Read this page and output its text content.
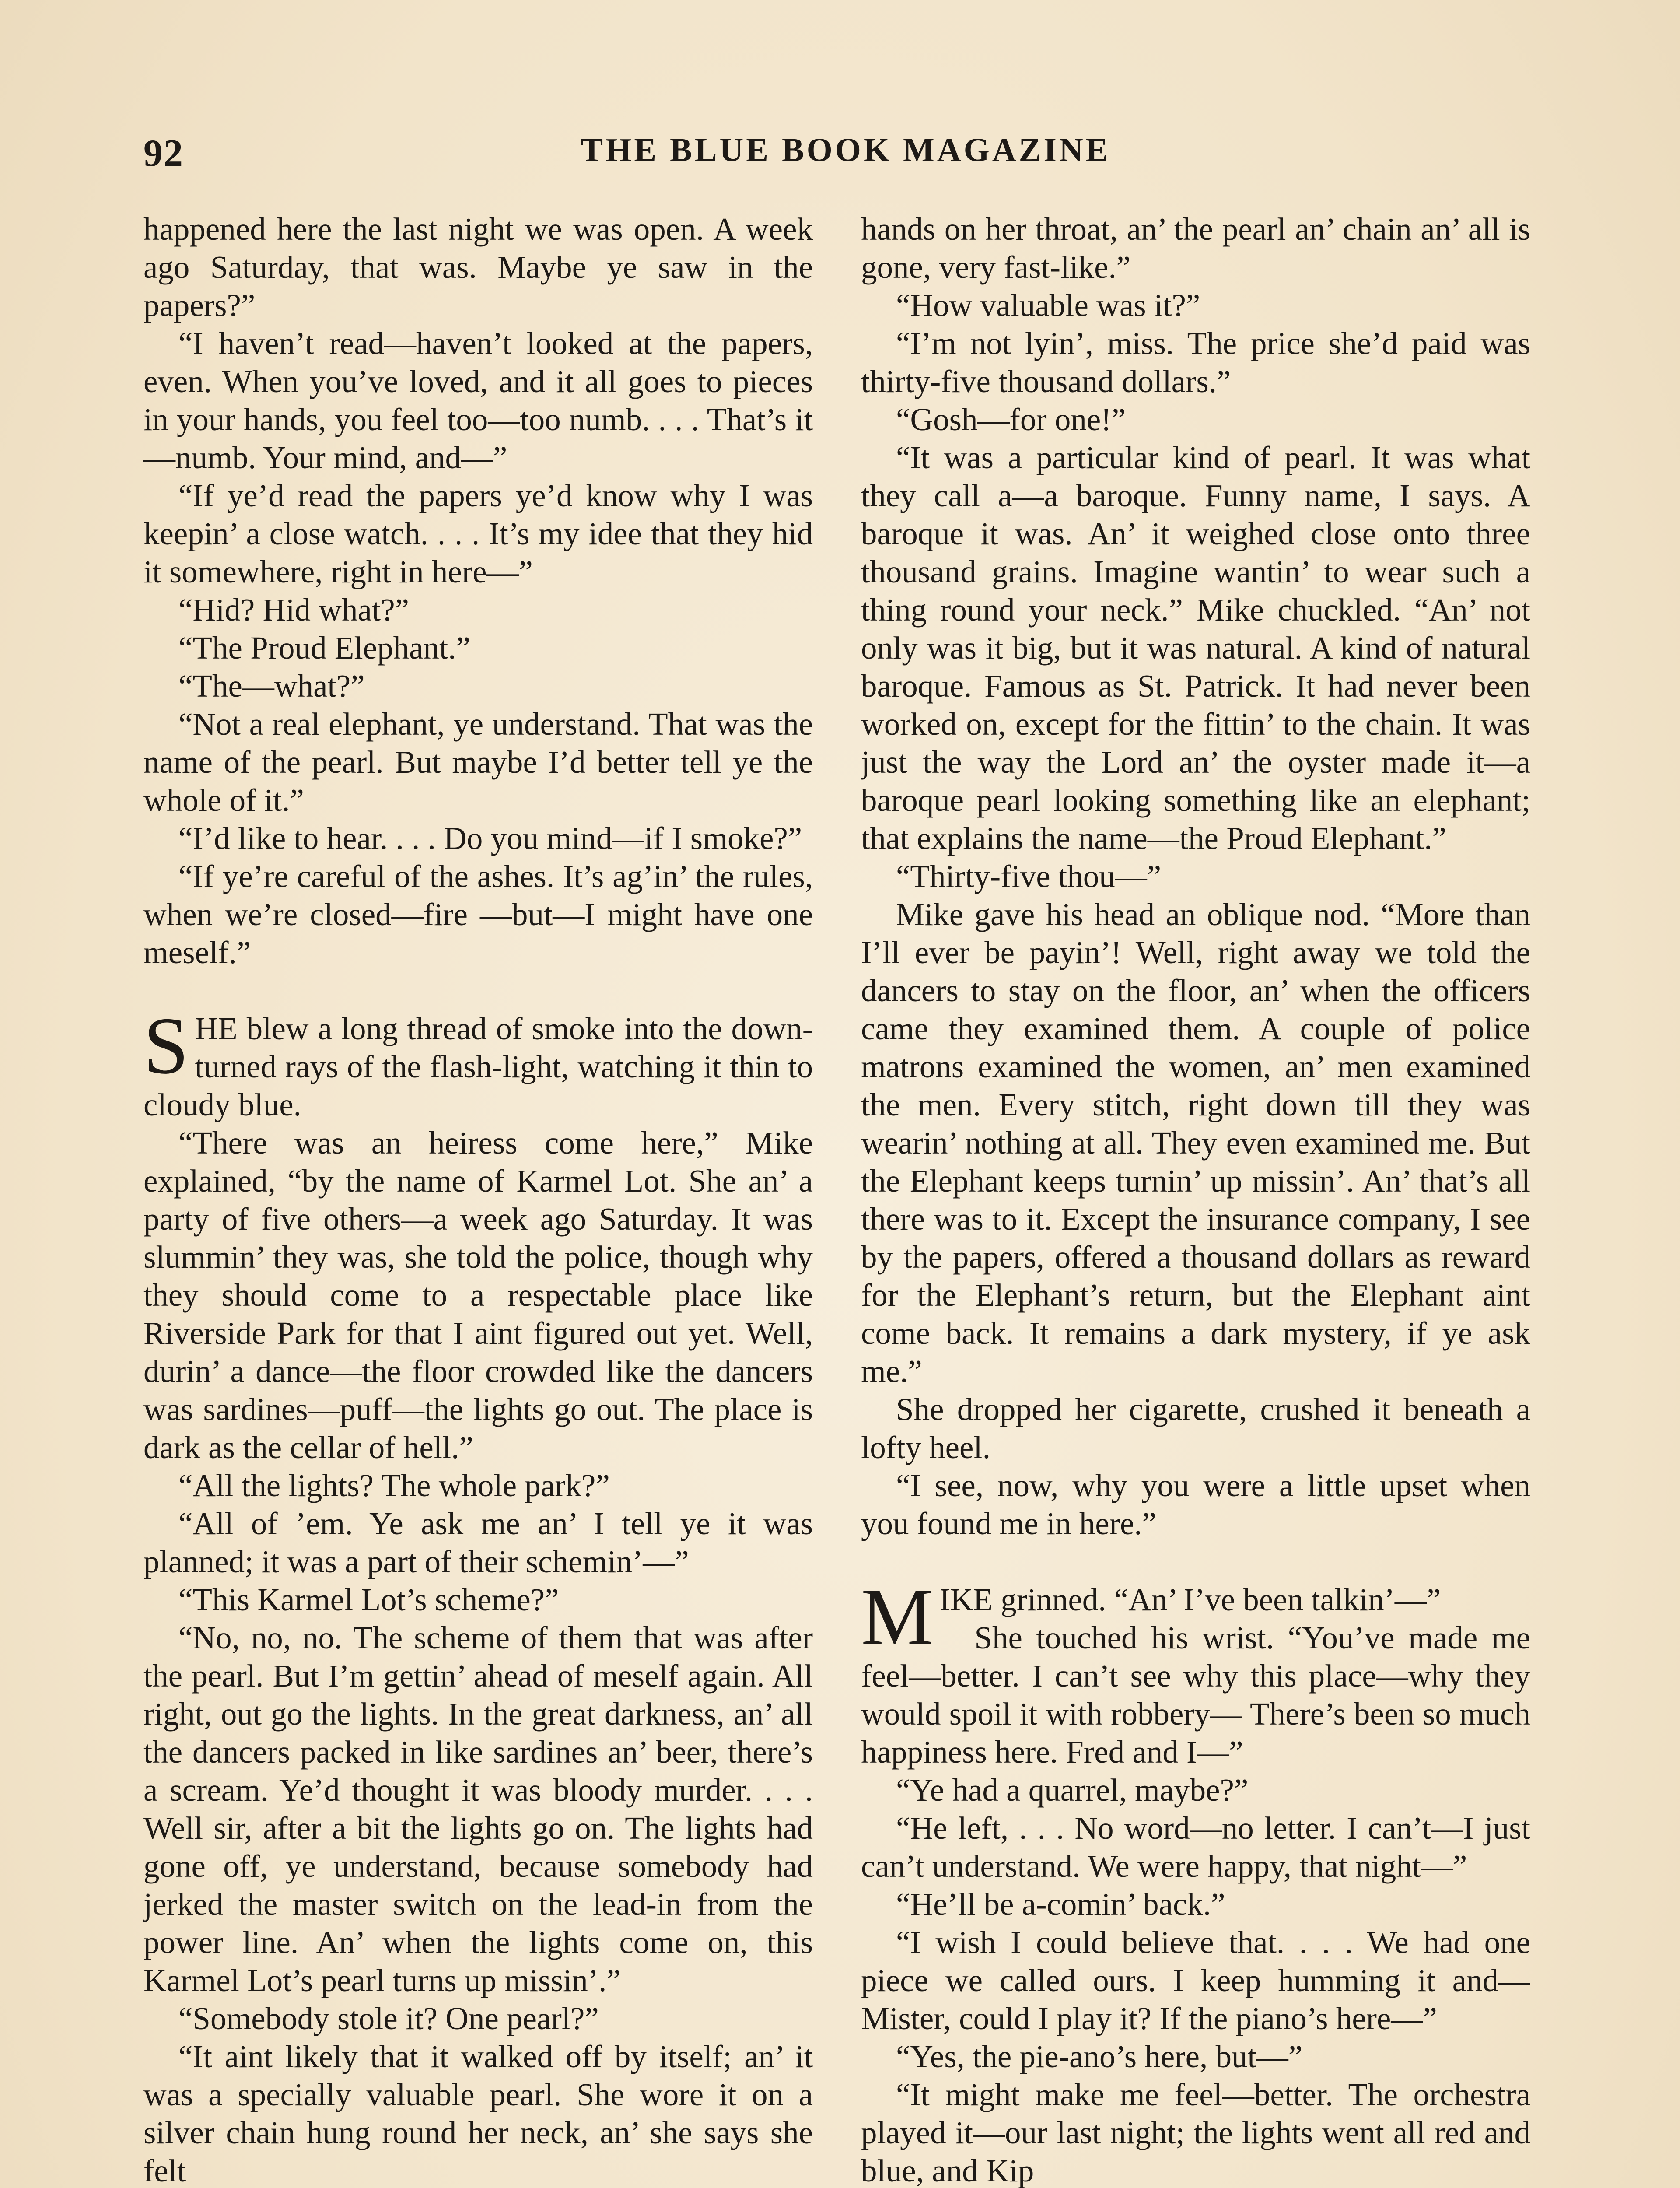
92	THE BLUE BOOK MAGAZINE

happened here the last night we was open. A week ago Saturday, that was. Maybe ye saw in the papers?”

“I haven’t read—haven’t looked at the papers, even. When you’ve loved, and it all goes to pieces in your hands, you feel too—too numb. . . . That’s it—numb. Your mind, and—”

“If ye’d read the papers ye’d know why I was keepin’ a close watch. . . . It’s my idee that they hid it somewhere, right in here—”

“Hid? Hid what?”

“The Proud Elephant.”

“The—what?”

“Not a real elephant, ye understand. That was the name of the pearl. But maybe I’d better tell ye the whole of it.”

“I’d like to hear. . . . Do you mind—if I smoke?”

“If ye’re careful of the ashes. It’s ag’in’ the rules, when we’re closed—fire —but—I might have one meself.”

SHE blew a long thread of smoke into the down-turned rays of the flash-light, watching it thin to cloudy blue.

“There was an heiress come here,” Mike explained, “by the name of Karmel Lot. She an’ a party of five others—a week ago Saturday. It was slummin’ they was, she told the police, though why they should come to a respectable place like Riverside Park for that I aint figured out yet. Well, durin’ a dance—the floor crowded like the dancers was sardines—puff—the lights go out. The place is dark as the cellar of hell.”

“All the lights? The whole park?”

“All of ’em. Ye ask me an’ I tell ye it was planned; it was a part of their schemin’—”

“This Karmel Lot’s scheme?”

“No, no, no. The scheme of them that was after the pearl. But I’m gettin’ ahead of meself again. All right, out go the lights. In the great darkness, an’ all the dancers packed in like sardines an’ beer, there’s a scream. Ye’d thought it was bloody murder. . . . Well sir, after a bit the lights go on. The lights had gone off, ye understand, because somebody had jerked the master switch on the lead-in from the power line. An’ when the lights come on, this Karmel Lot’s pearl turns up missin’.”

“Somebody stole it? One pearl?”

“It aint likely that it walked off by itself; an’ it was a specially valuable pearl. She wore it on a silver chain hung round her neck, an’ she says she felt

hands on her throat, an’ the pearl an’ chain an’ all is gone, very fast-like.”

“How valuable was it?”

“I’m not lyin’, miss. The price she’d paid was thirty-five thousand dollars.”

“Gosh—for one!”

“It was a particular kind of pearl. It was what they call a—a baroque. Funny name, I says. A baroque it was. An’ it weighed close onto three thousand grains. Imagine wantin’ to wear such a thing round your neck.” Mike chuckled. “An’ not only was it big, but it was natural. A kind of natural baroque. Famous as St. Patrick. It had never been worked on, except for the fittin’ to the chain. It was just the way the Lord an’ the oyster made it—a baroque pearl looking something like an elephant; that explains the name—the Proud Elephant.”

“Thirty-five thou—”

Mike gave his head an oblique nod. “More than I’ll ever be payin’! Well, right away we told the dancers to stay on the floor, an’ when the officers came they examined them. A couple of police matrons examined the women, an’ men examined the men. Every stitch, right down till they was wearin’ nothing at all. They even examined me. But the Elephant keeps turnin’ up missin’. An’ that’s all there was to it. Except the insurance company, I see by the papers, offered a thousand dollars as reward for the Elephant’s return, but the Elephant aint come back. It remains a dark mystery, if ye ask me.”

She dropped her cigarette, crushed it beneath a lofty heel.

“I see, now, why you were a little upset when you found me in here.”

MIKE grinned. “An’ I’ve been talkin’—”

She touched his wrist. “You’ve made me feel—better. I can’t see why this place—why they would spoil it with robbery— There’s been so much happiness here. Fred and I—”

“Ye had a quarrel, maybe?”

“He left, . . . No word—no letter. I can’t—I just can’t understand. We were happy, that night—”

“He’ll be a-comin’ back.”

“I wish I could believe that. . . . We had one piece we called ours. I keep humming it and— Mister, could I play it? If the piano’s here—”

“Yes, the pie-ano’s here, but—”

“It might make me feel—better. The orchestra played it—our last night; the lights went all red and blue, and Kip
